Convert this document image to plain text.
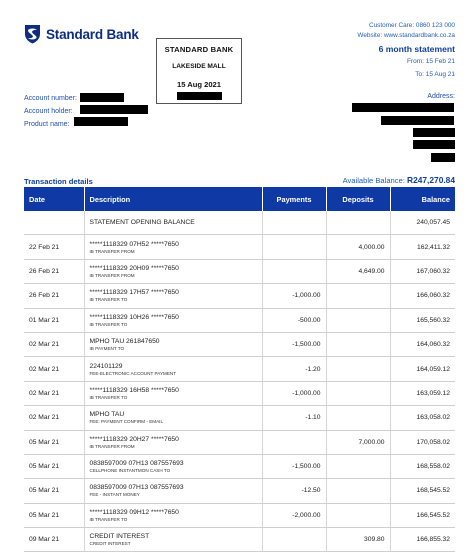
Standard Bank
STANDARD BANK
LAKESIDE MALL
15 Aug 2021
Customer Care: 0860 123 000
Website: www.standardbank.co.za
6 month statement
From: 15 Feb 21
To: 15 Aug 21
Account number:
Account holder:
Product name:
Address:
Transaction details	Available Balance: R247,270.84
Date	Description	Payments	Deposits	Balance

	STATEMENT OPENING BALANCE			240,057.45
22 Feb 21	*****1118329 07H52 *****7650
IB TRANSFER FROM		4,000.00	162,411.32
26 Feb 21	*****1118329 20H09 *****7650
IB TRANSFER FROM		4,649.00	167,060.32
26 Feb 21	*****1118329 17H57 *****7650
IB TRANSFER TO	-1,000.00		166,060.32
01 Mar 21	*****1118329 10H26 *****7650
IB TRANSFER TO	-500.00		165,560.32
02 Mar 21	MPHO TAU 261847650
IB PAYMENT TO	-1,500.00		164,060.32
02 Mar 21	224101129
FEE-ELECTRONIC ACCOUNT PAYMENT	-1.20		164,059.12
02 Mar 21	*****1118329 16H58 *****7650
IB TRANSFER TO	-1,000.00		163,059.12
02 Mar 21	MPHO TAU
FEE: PAYMENT CONFIRM - EMAIL	-1.10		163,058.02
05 Mar 21	*****1118329 20H27 *****7650
IB TRANSFER FROM		7,000.00	170,058.02
05 Mar 21	0838597009 07H13 087557693
CELLPHONE INSTANTMON CASH TO	-1,500.00		168,558.02
05 Mar 21	0838597009 07H13 087557693
FEE - INSTANT MONEY	-12.50		168,545.52
05 Mar 21	*****1118329 09H12 *****7650
IB TRANSFER TO	-2,000.00		166,545.52
09 Mar 21	CREDIT INTEREST
CREDIT INTEREST		309.80	166,855.32
